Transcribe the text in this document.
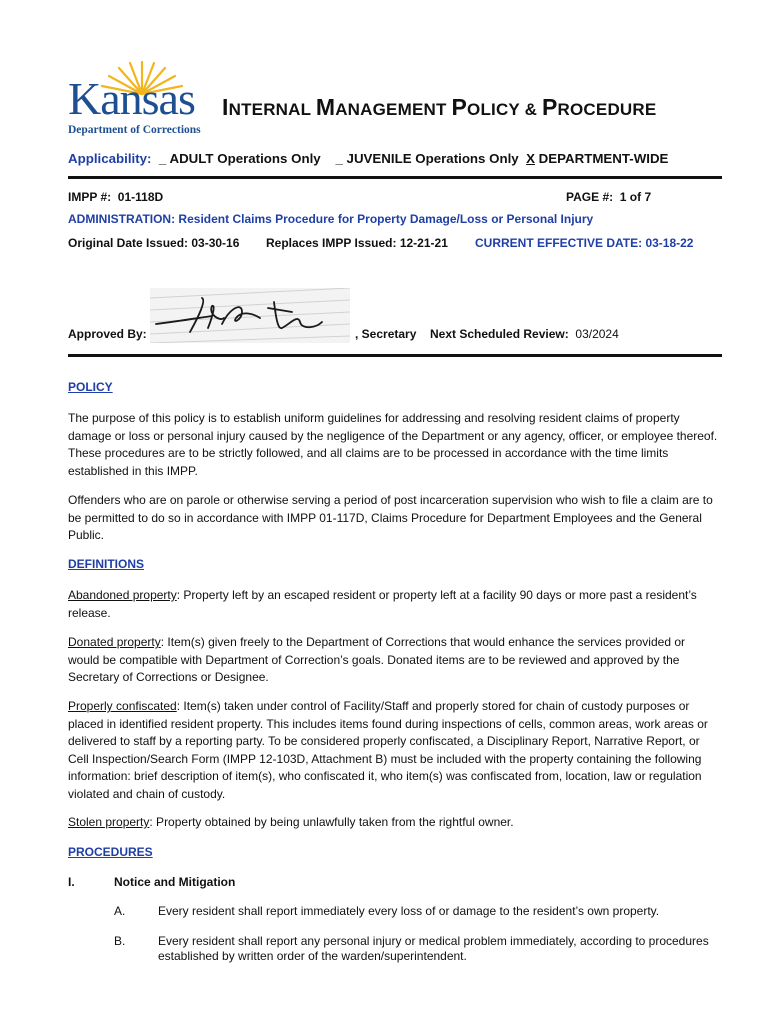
Kansas
Department of Corrections
INTERNAL MANAGEMENT POLICY & PROCEDURE
Applicability: _ ADULT Operations Only _ JUVENILE Operations Only X DEPARTMENT-WIDE
IMPP #: 01-118D	PAGE #: 1 of 7
ADMINISTRATION: Resident Claims Procedure for Property Damage/Loss or Personal Injury
Original Date Issued: 03-30-16 Replaces IMPP Issued: 12-21-21 CURRENT EFFECTIVE DATE: 03-18-22
Approved By:	, Secretary Next Scheduled Review: 03/2024
POLICY
The purpose of this policy is to establish uniform guidelines for addressing and resolving resident claims of property damage or loss or personal injury caused by the negligence of the Department or any agency, officer, or employee thereof. These procedures are to be strictly followed, and all claims are to be processed in accordance with the time limits established in this IMPP.
Offenders who are on parole or otherwise serving a period of post incarceration supervision who wish to file a claim are to be permitted to do so in accordance with IMPP 01-117D, Claims Procedure for Department Employees and the General Public.
DEFINITIONS
Abandoned property: Property left by an escaped resident or property left at a facility 90 days or more past a resident’s release.
Donated property: Item(s) given freely to the Department of Corrections that would enhance the services provided or would be compatible with Department of Correction’s goals. Donated items are to be reviewed and approved by the Secretary of Corrections or Designee.
Properly confiscated: Item(s) taken under control of Facility/Staff and properly stored for chain of custody purposes or placed in identified resident property. This includes items found during inspections of cells, common areas, work areas or delivered to staff by a reporting party. To be considered properly confiscated, a Disciplinary Report, Narrative Report, or Cell Inspection/Search Form (IMPP 12-103D, Attachment B) must be included with the property containing the following information: brief description of item(s), who confiscated it, who item(s) was confiscated from, location, law or regulation violated and chain of custody.
Stolen property: Property obtained by being unlawfully taken from the rightful owner.
PROCEDURES
I.	Notice and Mitigation
A.	Every resident shall report immediately every loss of or damage to the resident’s own property.
B.	Every resident shall report any personal injury or medical problem immediately, according to procedures established by written order of the warden/superintendent.
